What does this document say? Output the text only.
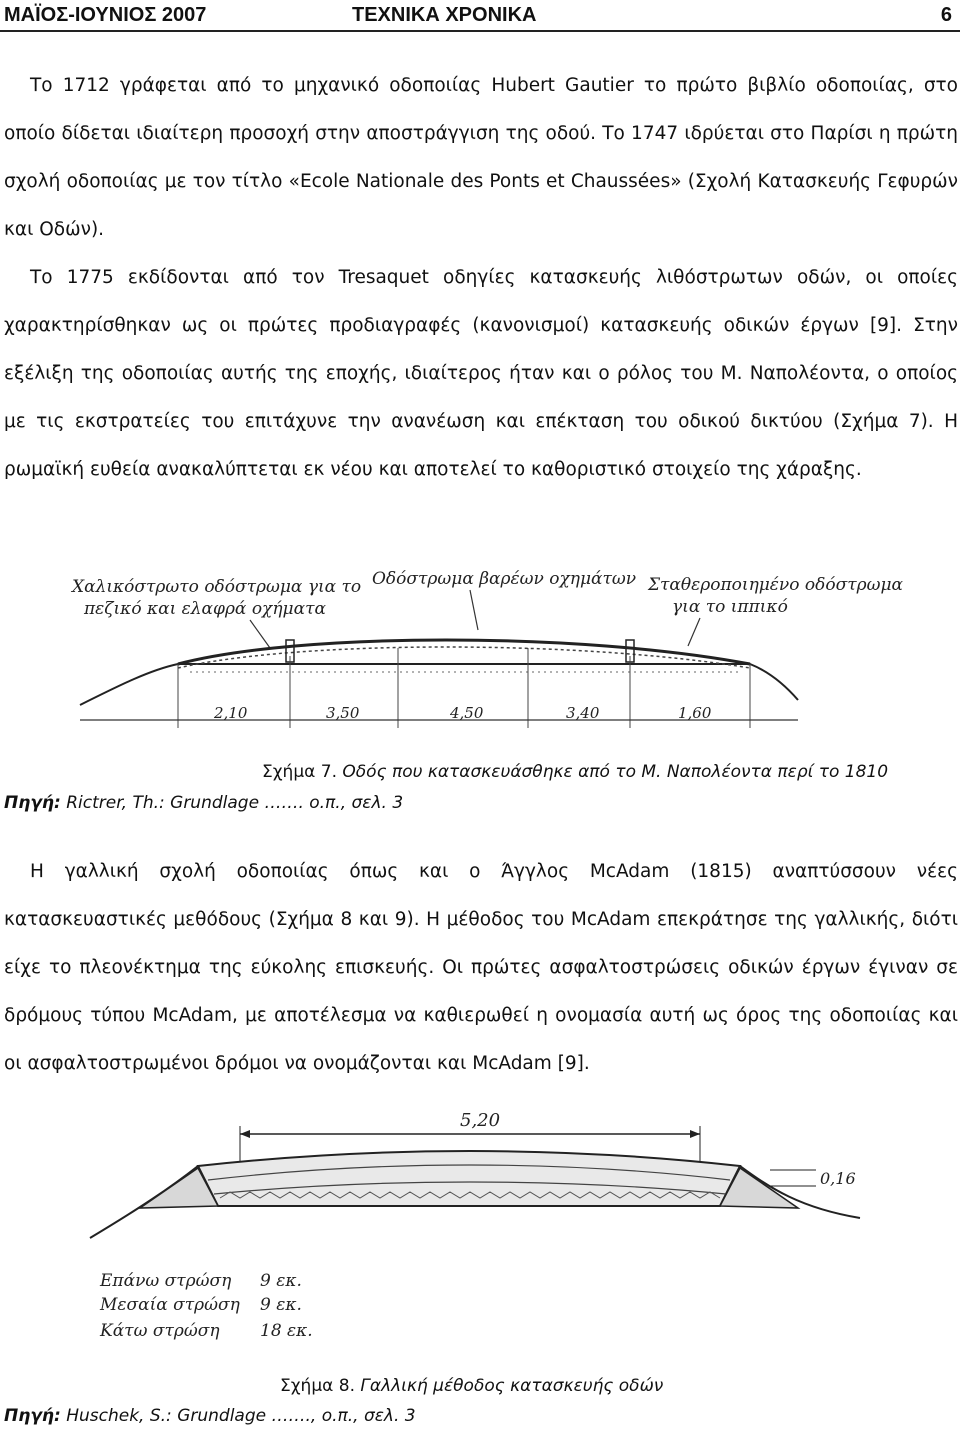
ΜΑΪΟΣ-ΙΟΥΝΙΟΣ 2007	ΤΕΧΝΙΚΑ ΧΡΟΝΙΚΑ	6

Το 1712 γράφεται από το μηχανικό οδοποιίας Hubert Gautier το πρώτο βιβλίο οδοποιίας, στο οποίο δίδεται ιδιαίτερη προσοχή στην αποστράγγιση της οδού. Το 1747 ιδρύεται στο Παρίσι η πρώτη σχολή οδοποιίας με τον τίτλο «Ecole Nationale des Ponts et Chaussées» (Σχολή Κατασκευής Γεφυρών και Οδών).

Το 1775 εκδίδονται από τον Tresaquet οδηγίες κατασκευής λιθόστρωτων οδών, οι οποίες χαρακτηρίσθηκαν ως οι πρώτες προδιαγραφές (κανονισμοί) κατασκευής οδικών έργων [9]. Στην εξέλιξη της οδοποιίας αυτής της εποχής, ιδιαίτερος ήταν και ο ρόλος του Μ. Ναπολέοντα, ο οποίος με τις εκστρατείες του επιτάχυνε την ανανέωση και επέκταση του οδικού δικτύου (Σχήμα 7). Η ρωμαϊκή ευθεία ανακαλύπτεται εκ νέου και αποτελεί το καθοριστικό στοιχείο της χάραξης.

Χαλικόστρωτο οδόστρωμα για το
πεζικό και ελαφρά οχήματα
Οδόστρωμα βαρέων οχημάτων Σταθεροποιημένο οδόστρωμα
για το ιππικό
2,10	3,50	4,50	3,40	1,60
Σχήμα 7. Οδός που κατασκευάσθηκε από το Μ. Ναπολέοντα περί το 1810
Πηγή: Rictrer, Th.: Grundlage ……. ο.π., σελ. 3

Η γαλλική σχολή οδοποιίας όπως και ο Άγγλος McAdam (1815) αναπτύσσουν νέες κατασκευαστικές μεθόδους (Σχήμα 8 και 9). Η μέθοδος του McAdam επεκράτησε της γαλλικής, διότι είχε το πλεονέκτημα της εύκολης επισκευής. Οι πρώτες ασφαλτοστρώσεις οδικών έργων έγιναν σε δρόμους τύπου McAdam, με αποτέλεσμα να καθιερωθεί η ονομασία αυτή ως όρος της οδοποιίας και οι ασφαλτοστρωμένοι δρόμοι να ονομάζονται και McAdam [9].

5,20
0,16
Επάνω στρώση 9 εκ.
Μεσαία στρώση 9 εκ.
Κάτω στρώση 18 εκ.
Σχήμα 8. Γαλλική μέθοδος κατασκευής οδών
Πηγή: Huschek, S.: Grundlage ……., ο.π., σελ. 3
